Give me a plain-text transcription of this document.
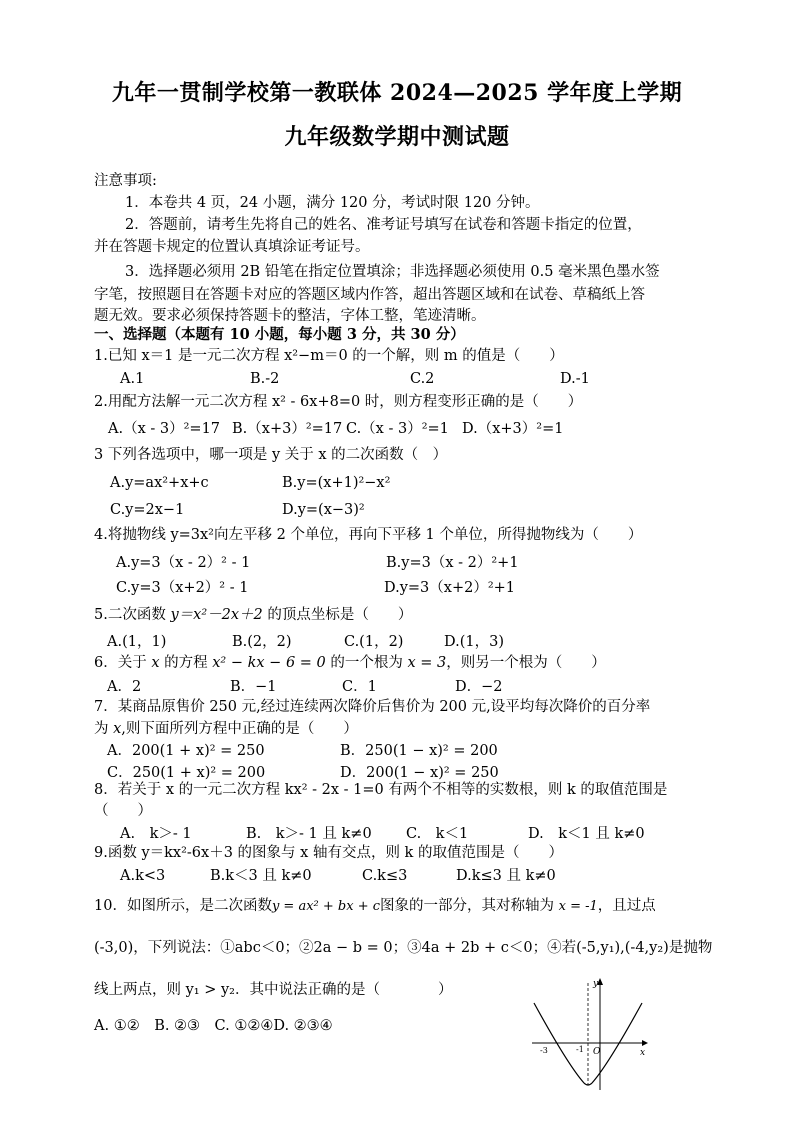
九年一贯制学校第一教联体 2024—2025 学年度上学期
九年级数学期中测试题
注意事项:
1．本卷共 4 页，24 小题，满分 120 分，考试时限 120 分钟。
2．答题前，请考生先将自己的姓名、准考证号填写在试卷和答题卡指定的位置，
并在答题卡规定的位置认真填涂证考证号。
3．选择题必须用 2B 铅笔在指定位置填涂；非选择题必须使用 0.5 毫米黑色墨水签
字笔，按照题目在答题卡对应的答题区域内作答，超出答题区域和在试卷、草稿纸上答
题无效。要求必须保持答题卡的整洁，字体工整，笔迹清晰。
一、选择题（本题有 10 小题，每小题 3 分，共 30 分）
1.已知 x＝1 是一元二次方程 x²−m＝0 的一个解，则 m 的值是（　　）
A.1	B.-2	C.2	D.-1
2.用配方法解一元二次方程 x² - 6x+8=0 时，则方程变形正确的是（　　）
A.（x - 3）²=17 B.（x+3）²=17 C.（x - 3）²=1 D.（x+3）²=1
3 下列各选项中，哪一项是 y 关于 x 的二次函数（　）
A.y=ax²+x+c	B.y=(x+1)²−x²
C.y=2x−1	D.y=(x−3)²
4.将抛物线 y=3x²向左平移 2 个单位，再向下平移 1 个单位，所得抛物线为（　　）
A.y=3（x - 2）² - 1	B.y=3（x - 2）²+1
C.y=3（x+2）² - 1	D.y=3（x+2）²+1
5.二次函数 y＝x²－2x＋2 的顶点坐标是（　　）
A.(1，1)	B.(2，2)	C.(1，2)	D.(1，3)
6．关于 x 的方程 x² − kx − 6 = 0 的一个根为 x = 3，则另一个根为（　　）
A．2	B．−1	C．1	D．−2
7．某商品原售价 250 元,经过连续两次降价后售价为 200 元,设平均每次降价的百分率
为 x,则下面所列方程中正确的是（　　）
A．200(1 + x)² = 250	B．250(1 − x)² = 200
C．250(1 + x)² = 200	D．200(1 − x)² = 250
8．若关于 x 的一元二次方程 kx² - 2x - 1=0 有两个不相等的实数根，则 k 的取值范围是
（　　）
A.　k＞- 1	B.　k＞- 1 且 k≠0 C.　k＜1	D.　k＜1 且 k≠0
9.函数 y＝kx²-6x＋3 的图象与 x 轴有交点，则 k 的取值范围是（　　）
A.k<3	B.k＜3 且 k≠0	C.k≤3	D.k≤3 且 k≠0
10．如图所示，是二次函数y = ax² + bx + c图象的一部分，其对称轴为 x = -1，且过点
(-3,0)，下列说法：①abc＜0；②2a − b = 0；③4a + 2b + c＜0；④若(-5,y₁),(-4,y₂)是抛物
线上两点，则 y₁ > y₂．其中说法正确的是（　　　　）
A. ①②　B. ②③　C. ①②④D. ②③④
y
x
O
-3	-1
